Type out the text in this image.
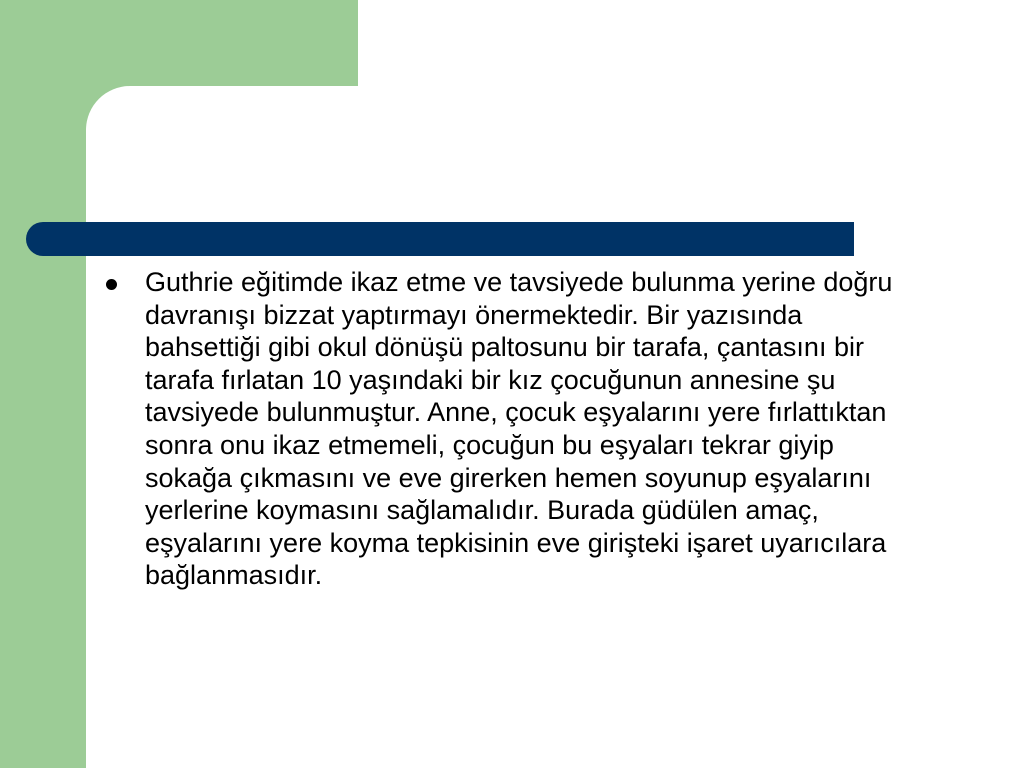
Guthrie eğitimde ikaz etme ve tavsiyede bulunma yerine doğru davranışı bizzat yaptırmayı önermektedir. Bir yazısında bahsettiği gibi okul dönüşü paltosunu bir tarafa, çantasını bir tarafa fırlatan 10 yaşındaki bir kız çocuğunun annesine şu tavsiyede bulunmuştur. Anne, çocuk eşyalarını yere fırlattıktan sonra onu ikaz etmemeli, çocuğun bu eşyaları tekrar giyip sokağa çıkmasını ve eve girerken hemen soyunup eşyalarını yerlerine koymasını sağlamalıdır. Burada güdülen amaç, eşyalarını yere koyma tepkisinin eve girişteki işaret uyarıcılara bağlanmasıdır.
